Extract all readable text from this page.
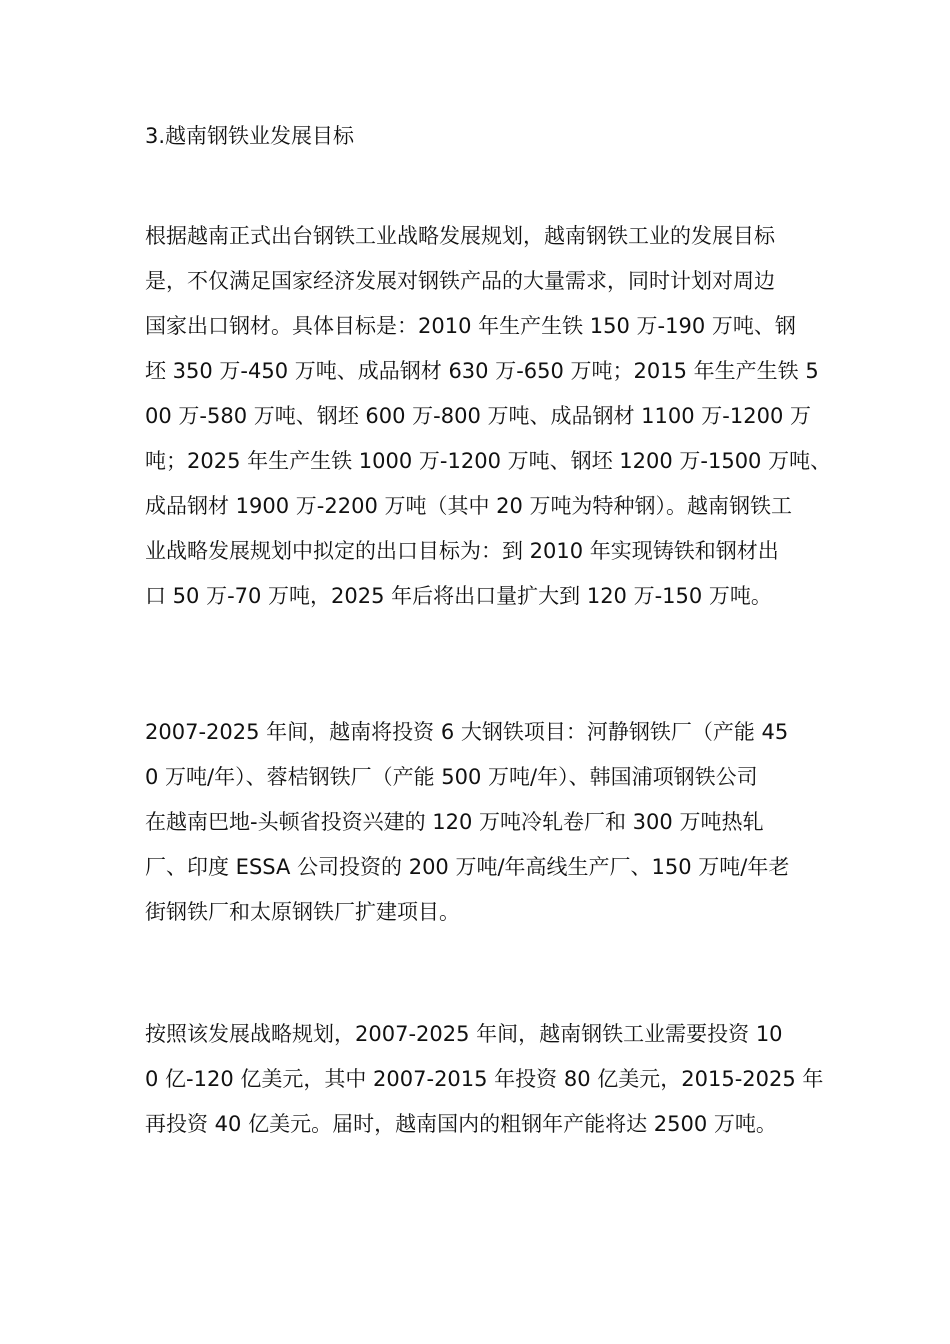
3.越南钢铁业发展目标
根据越南正式出台钢铁工业战略发展规划，越南钢铁工业的发展目标
是，不仅满足国家经济发展对钢铁产品的大量需求，同时计划对周边
国家出口钢材。具体目标是：2010 年生产生铁 150 万-190 万吨、钢
坯 350 万-450 万吨、成品钢材 630 万-650 万吨；2015 年生产生铁 5
00 万-580 万吨、钢坯 600 万-800 万吨、成品钢材 1100 万-1200 万
吨；2025 年生产生铁 1000 万-1200 万吨、钢坯 1200 万-1500 万吨、
成品钢材 1900 万-2200 万吨（其中 20 万吨为特种钢）。越南钢铁工
业战略发展规划中拟定的出口目标为：到 2010 年实现铸铁和钢材出
口 50 万-70 万吨，2025 年后将出口量扩大到 120 万-150 万吨。
2007-2025 年间，越南将投资 6 大钢铁项目：河静钢铁厂（产能 45
0 万吨/年）、蓉桔钢铁厂（产能 500 万吨/年）、韩国浦项钢铁公司
在越南巴地-头顿省投资兴建的 120 万吨冷轧卷厂和 300 万吨热轧
厂、印度 ESSA 公司投资的 200 万吨/年高线生产厂、150 万吨/年老
街钢铁厂和太原钢铁厂扩建项目。
按照该发展战略规划，2007-2025 年间，越南钢铁工业需要投资 10
0 亿-120 亿美元，其中 2007-2015 年投资 80 亿美元，2015-2025 年
再投资 40 亿美元。届时，越南国内的粗钢年产能将达 2500 万吨。
